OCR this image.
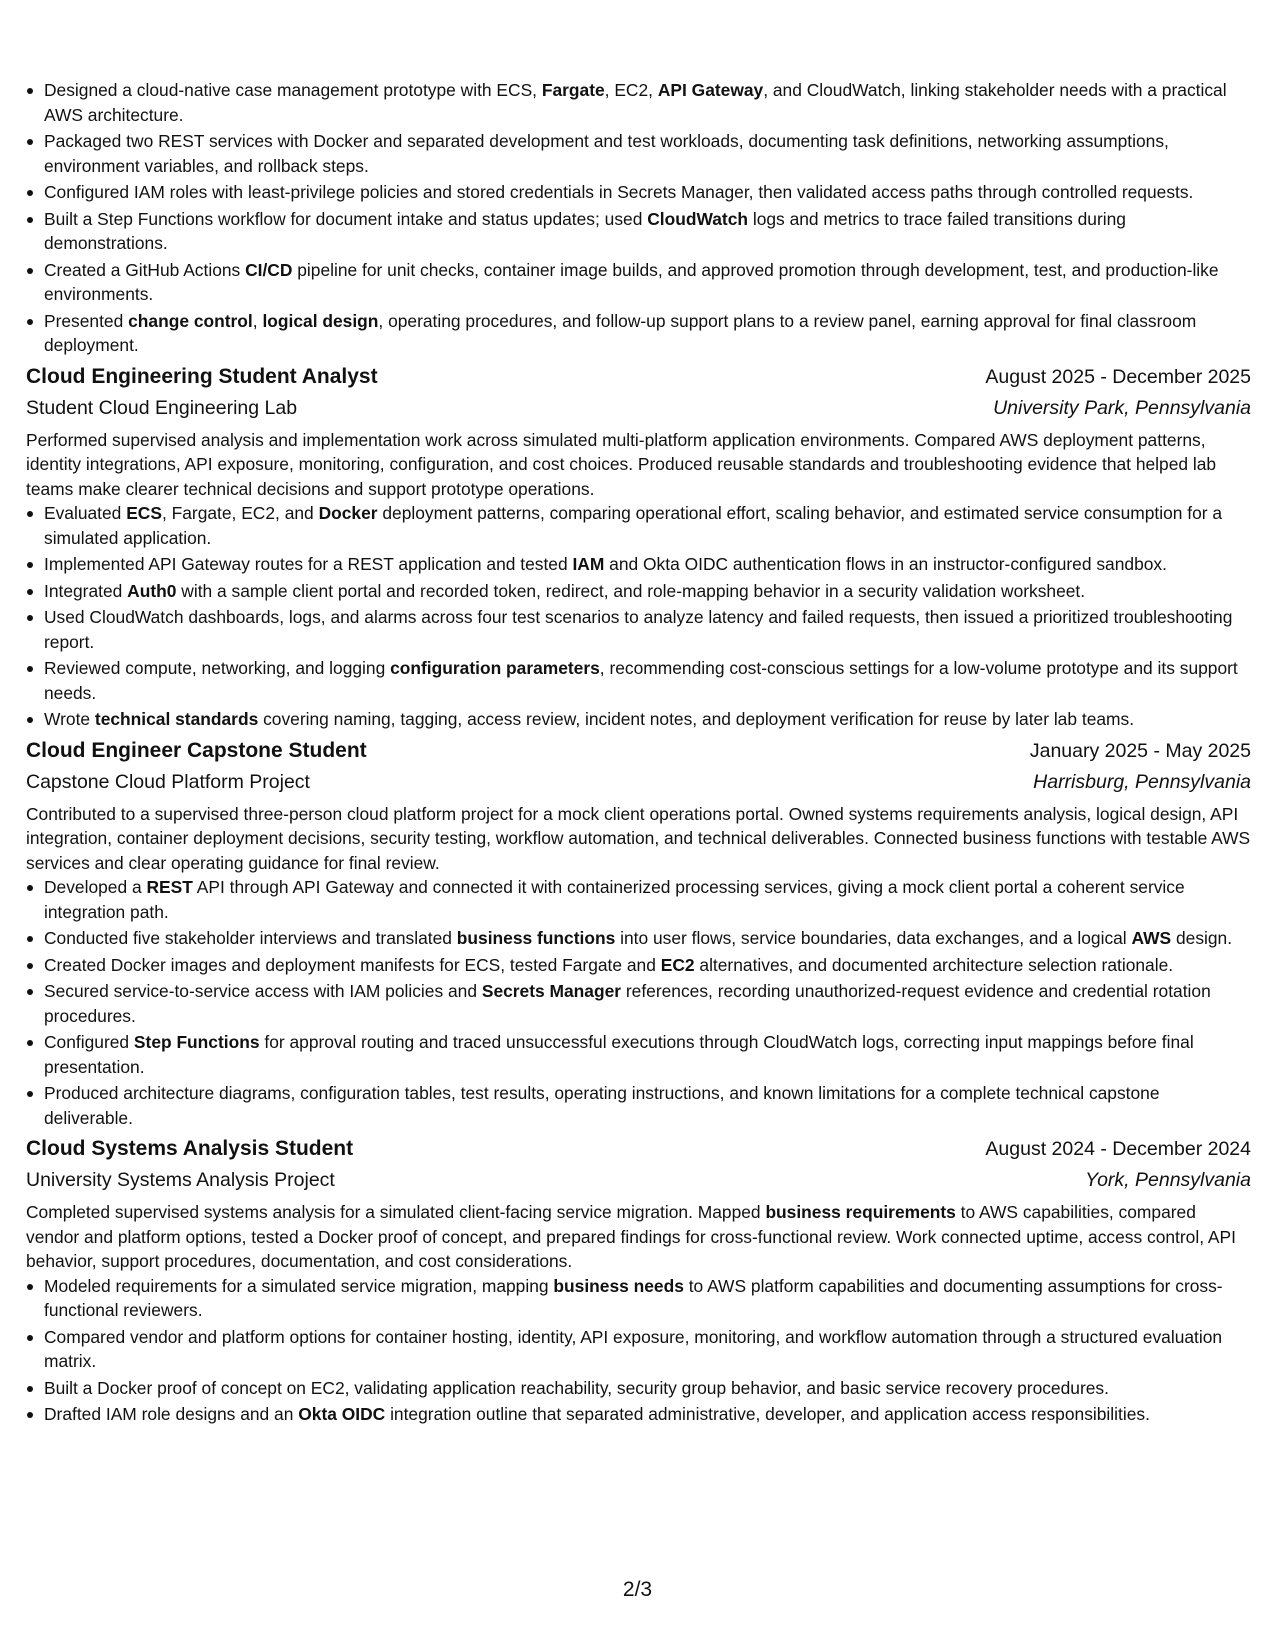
Designed a cloud-native case management prototype with ECS, Fargate, EC2, API Gateway, and CloudWatch, linking stakeholder needs with a practical AWS architecture.
Packaged two REST services with Docker and separated development and test workloads, documenting task definitions, networking assumptions, environment variables, and rollback steps.
Configured IAM roles with least-privilege policies and stored credentials in Secrets Manager, then validated access paths through controlled requests.
Built a Step Functions workflow for document intake and status updates; used CloudWatch logs and metrics to trace failed transitions during demonstrations.
Created a GitHub Actions CI/CD pipeline for unit checks, container image builds, and approved promotion through development, test, and production-like environments.
Presented change control, logical design, operating procedures, and follow-up support plans to a review panel, earning approval for final classroom deployment.
Cloud Engineering Student Analyst	August 2025 - December 2025
Student Cloud Engineering Lab	University Park, Pennsylvania

Performed supervised analysis and implementation work across simulated multi-platform application environments. Compared AWS deployment patterns, identity integrations, API exposure, monitoring, configuration, and cost choices. Produced reusable standards and troubleshooting evidence that helped lab teams make clearer technical decisions and support prototype operations.

Evaluated ECS, Fargate, EC2, and Docker deployment patterns, comparing operational effort, scaling behavior, and estimated service consumption for a simulated application.
Implemented API Gateway routes for a REST application and tested IAM and Okta OIDC authentication flows in an instructor-configured sandbox.
Integrated Auth0 with a sample client portal and recorded token, redirect, and role-mapping behavior in a security validation worksheet.
Used CloudWatch dashboards, logs, and alarms across four test scenarios to analyze latency and failed requests, then issued a prioritized troubleshooting report.
Reviewed compute, networking, and logging configuration parameters, recommending cost-conscious settings for a low-volume prototype and its support needs.
Wrote technical standards covering naming, tagging, access review, incident notes, and deployment verification for reuse by later lab teams.
Cloud Engineer Capstone Student	January 2025 - May 2025
Capstone Cloud Platform Project	Harrisburg, Pennsylvania

Contributed to a supervised three-person cloud platform project for a mock client operations portal. Owned systems requirements analysis, logical design, API integration, container deployment decisions, security testing, workflow automation, and technical deliverables. Connected business functions with testable AWS services and clear operating guidance for final review.

Developed a REST API through API Gateway and connected it with containerized processing services, giving a mock client portal a coherent service integration path.
Conducted five stakeholder interviews and translated business functions into user flows, service boundaries, data exchanges, and a logical AWS design.
Created Docker images and deployment manifests for ECS, tested Fargate and EC2 alternatives, and documented architecture selection rationale.
Secured service-to-service access with IAM policies and Secrets Manager references, recording unauthorized-request evidence and credential rotation procedures.
Configured Step Functions for approval routing and traced unsuccessful executions through CloudWatch logs, correcting input mappings before final presentation.
Produced architecture diagrams, configuration tables, test results, operating instructions, and known limitations for a complete technical capstone deliverable.
Cloud Systems Analysis Student	August 2024 - December 2024
University Systems Analysis Project	York, Pennsylvania

Completed supervised systems analysis for a simulated client-facing service migration. Mapped business requirements to AWS capabilities, compared vendor and platform options, tested a Docker proof of concept, and prepared findings for cross-functional review. Work connected uptime, access control, API behavior, support procedures, documentation, and cost considerations.

Modeled requirements for a simulated service migration, mapping business needs to AWS platform capabilities and documenting assumptions for cross-functional reviewers.
Compared vendor and platform options for container hosting, identity, API exposure, monitoring, and workflow automation through a structured evaluation matrix.
Built a Docker proof of concept on EC2, validating application reachability, security group behavior, and basic service recovery procedures.
Drafted IAM role designs and an Okta OIDC integration outline that separated administrative, developer, and application access responsibilities.
2/3
